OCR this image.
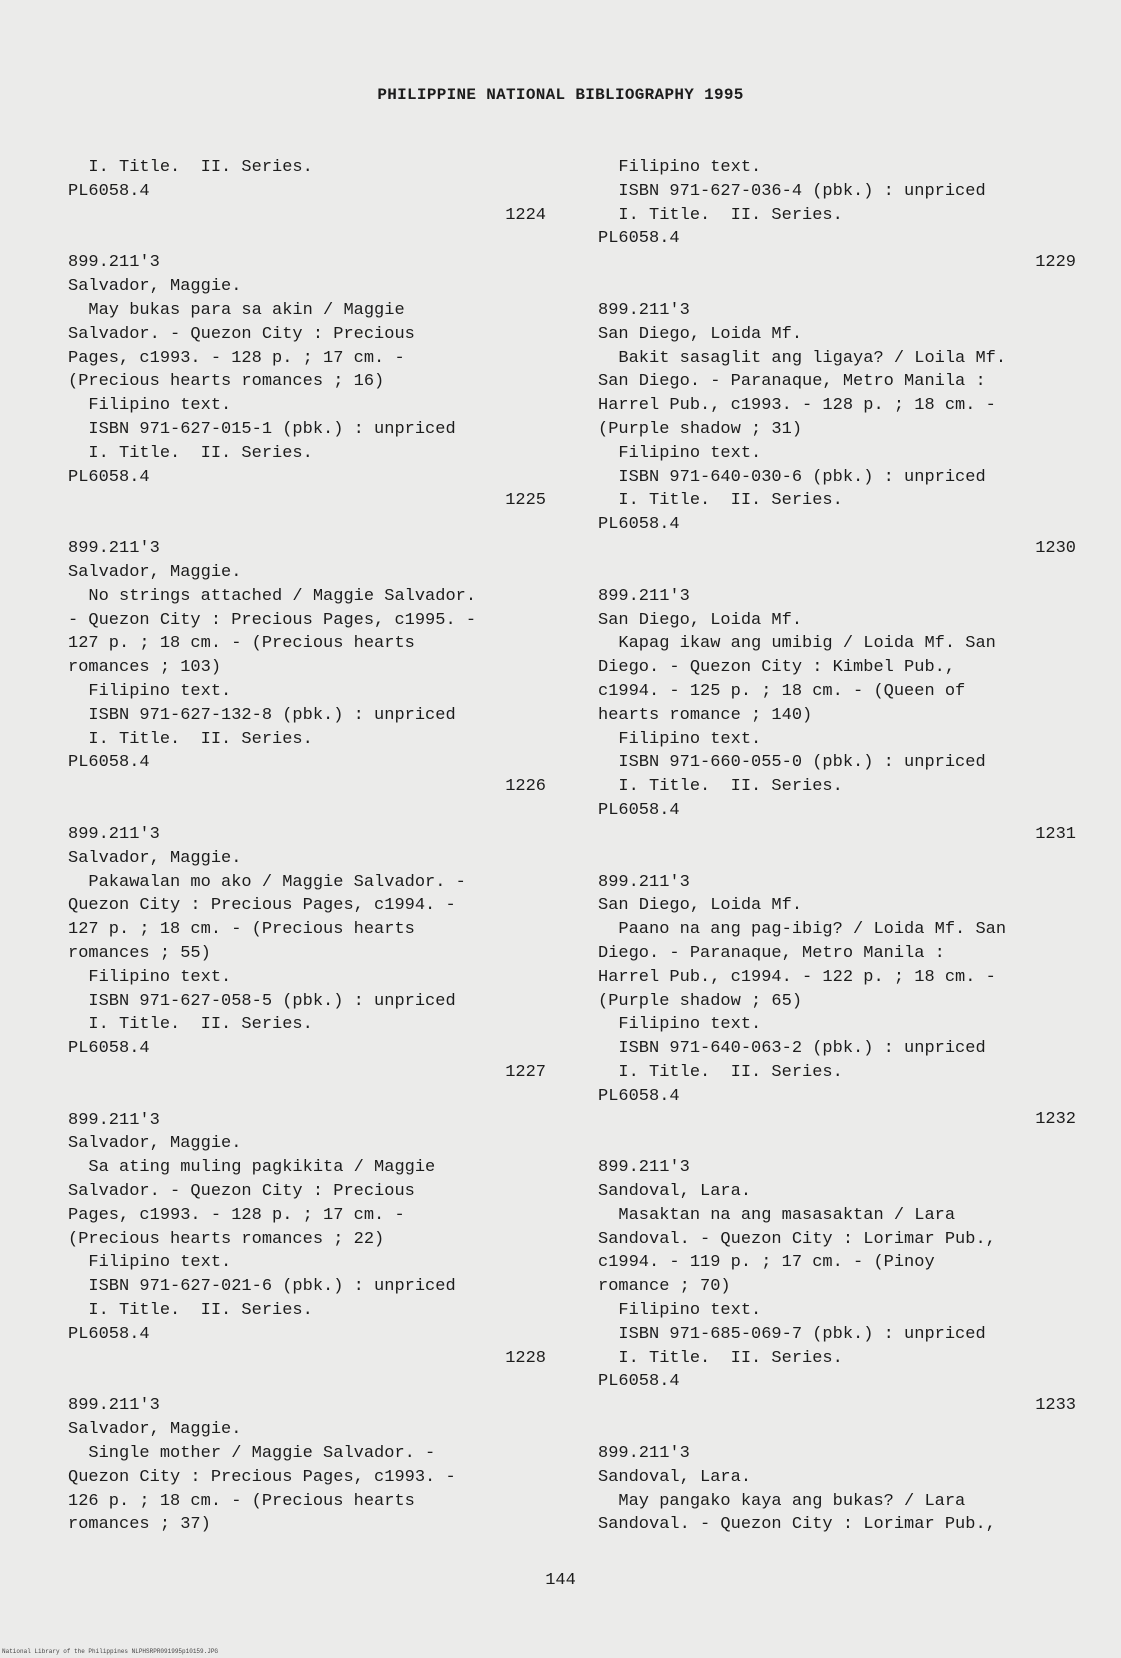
PHILIPPINE NATIONAL BIBLIOGRAPHY 1995
I. Title.  II. Series.
PL6058.4
1224
899.211'3
Salvador, Maggie.
May bukas para sa akin / Maggie
Salvador. - Quezon City : Precious
Pages, c1993. - 128 p. ; 17 cm. -
(Precious hearts romances ; 16)
Filipino text.
ISBN 971-627-015-1 (pbk.) : unpriced
I. Title.  II. Series.
PL6058.4
1225
899.211'3
Salvador, Maggie.
No strings attached / Maggie Salvador.
- Quezon City : Precious Pages, c1995. -
127 p. ; 18 cm. - (Precious hearts
romances ; 103)
Filipino text.
ISBN 971-627-132-8 (pbk.) : unpriced
I. Title.  II. Series.
PL6058.4
1226
899.211'3
Salvador, Maggie.
Pakawalan mo ako / Maggie Salvador. -
Quezon City : Precious Pages, c1994. -
127 p. ; 18 cm. - (Precious hearts
romances ; 55)
Filipino text.
ISBN 971-627-058-5 (pbk.) : unpriced
I. Title.  II. Series.
PL6058.4
1227
899.211'3
Salvador, Maggie.
Sa ating muling pagkikita / Maggie
Salvador. - Quezon City : Precious
Pages, c1993. - 128 p. ; 17 cm. -
(Precious hearts romances ; 22)
Filipino text.
ISBN 971-627-021-6 (pbk.) : unpriced
I. Title.  II. Series.
PL6058.4
1228
899.211'3
Salvador, Maggie.
Single mother / Maggie Salvador. -
Quezon City : Precious Pages, c1993. -
126 p. ; 18 cm. - (Precious hearts
romances ; 37)
Filipino text.
ISBN 971-627-036-4 (pbk.) : unpriced
I. Title.  II. Series.
PL6058.4
1229
899.211'3
San Diego, Loida Mf.
Bakit sasaglit ang ligaya? / Loila Mf.
San Diego. - Paranaque, Metro Manila :
Harrel Pub., c1993. - 128 p. ; 18 cm. -
(Purple shadow ; 31)
Filipino text.
ISBN 971-640-030-6 (pbk.) : unpriced
I. Title.  II. Series.
PL6058.4
1230
899.211'3
San Diego, Loida Mf.
Kapag ikaw ang umibig / Loida Mf. San
Diego. - Quezon City : Kimbel Pub.,
c1994. - 125 p. ; 18 cm. - (Queen of
hearts romance ; 140)
Filipino text.
ISBN 971-660-055-0 (pbk.) : unpriced
I. Title.  II. Series.
PL6058.4
1231
899.211'3
San Diego, Loida Mf.
Paano na ang pag-ibig? / Loida Mf. San
Diego. - Paranaque, Metro Manila :
Harrel Pub., c1994. - 122 p. ; 18 cm. -
(Purple shadow ; 65)
Filipino text.
ISBN 971-640-063-2 (pbk.) : unpriced
I. Title.  II. Series.
PL6058.4
1232
899.211'3
Sandoval, Lara.
Masaktan na ang masasaktan / Lara
Sandoval. - Quezon City : Lorimar Pub.,
c1994. - 119 p. ; 17 cm. - (Pinoy
romance ; 70)
Filipino text.
ISBN 971-685-069-7 (pbk.) : unpriced
I. Title.  II. Series.
PL6058.4
1233
899.211'3
Sandoval, Lara.
May pangako kaya ang bukas? / Lara
Sandoval. - Quezon City : Lorimar Pub.,
144
National Library of the Philippines NLPHSRPR091995p10159.JPG
